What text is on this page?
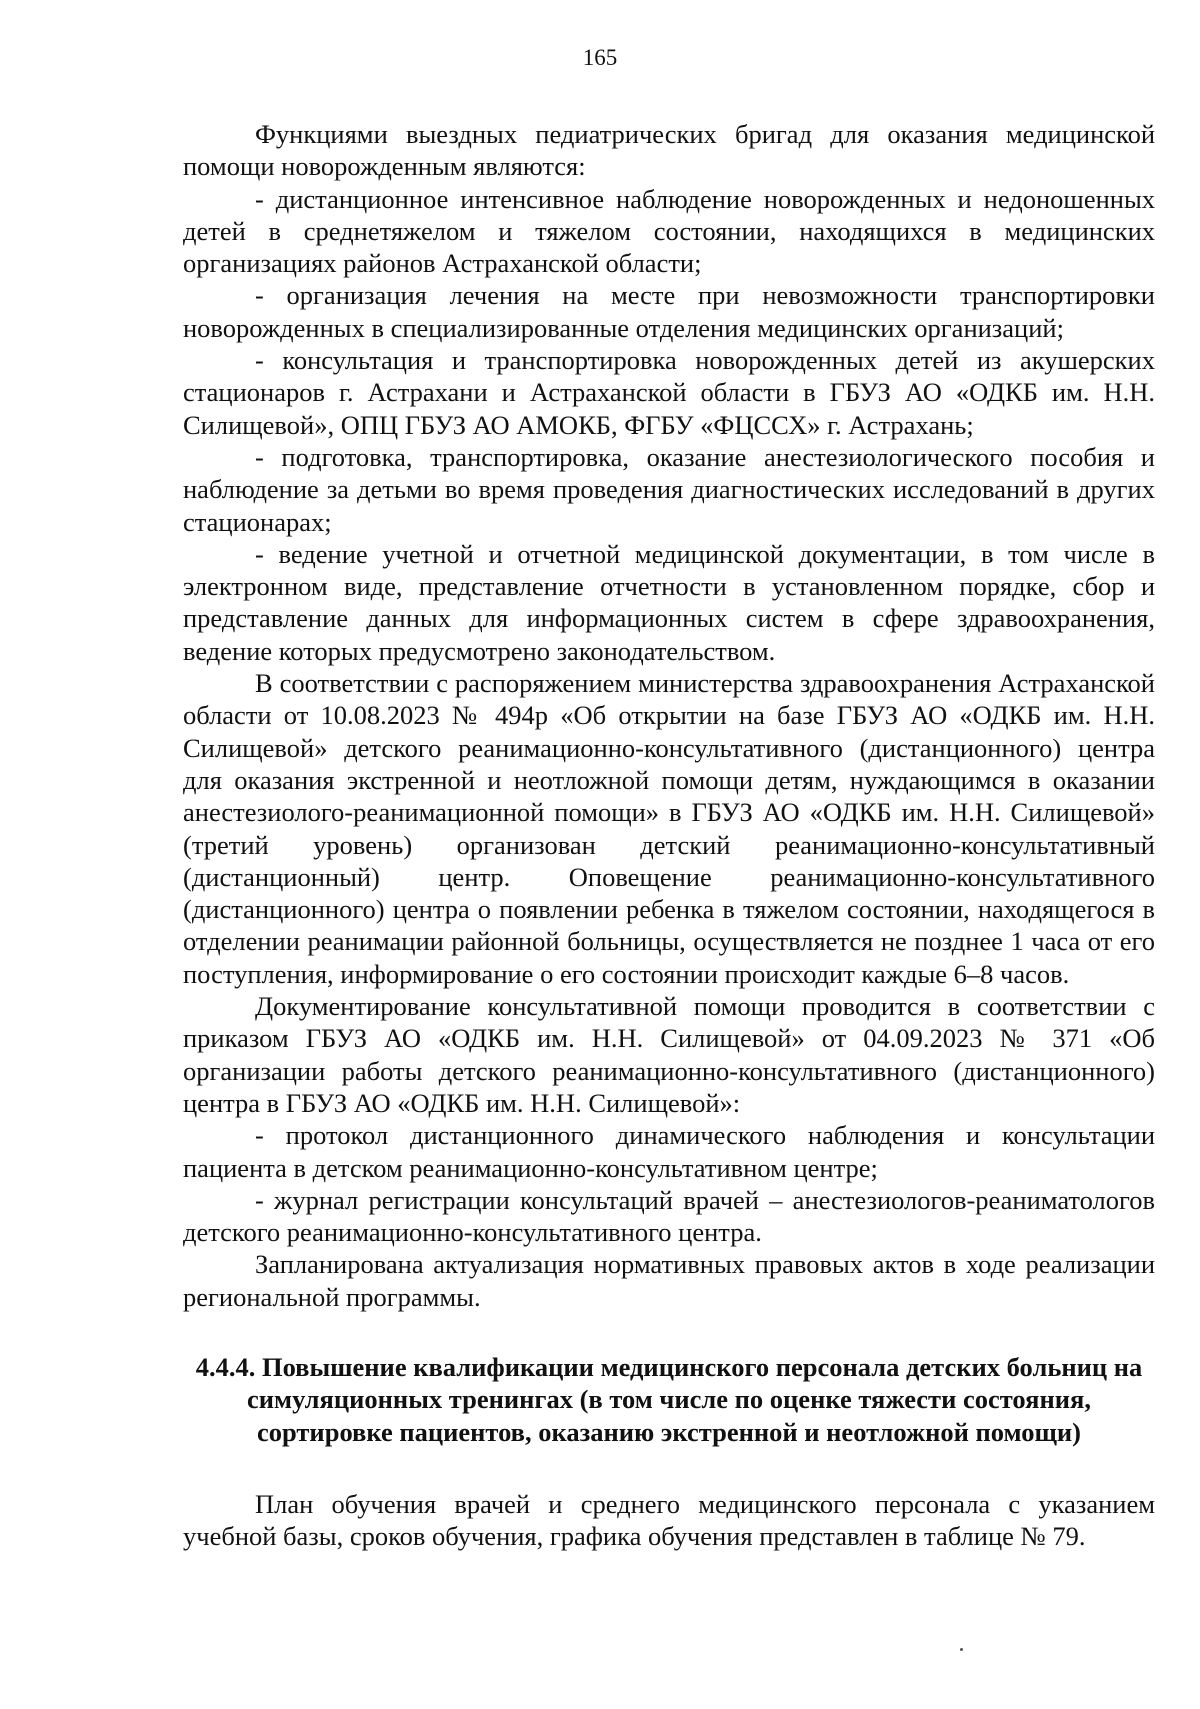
165

Функциями выездных педиатрических бригад для оказания медицинской помощи новорожденным являются:

- дистанционное интенсивное наблюдение новорожденных и недоношенных детей в среднетяжелом и тяжелом состоянии, находящихся в медицинских организациях районов Астраханской области;

- организация лечения на месте при невозможности транспортировки новорожденных в специализированные отделения медицинских организаций;

- консультация и транспортировка новорожденных детей из акушерских стационаров г. Астрахани и Астраханской области в ГБУЗ АО «ОДКБ им. Н.Н. Силищевой», ОПЦ ГБУЗ АО АМОКБ, ФГБУ «ФЦССХ» г. Астрахань;

- подготовка, транспортировка, оказание анестезиологического пособия и наблюдение за детьми во время проведения диагностических исследований в других стационарах;

- ведение учетной и отчетной медицинской документации, в том числе в электронном виде, представление отчетности в установленном порядке, сбор и представление данных для информационных систем в сфере здравоохранения, ведение которых предусмотрено законодательством.

В соответствии с распоряжением министерства здравоохранения Астраханской области от 10.08.2023 № 494р «Об открытии на базе ГБУЗ АО «ОДКБ им. Н.Н. Силищевой» детского реанимационно-консультативного (дистанционного) центра для оказания экстренной и неотложной помощи детям, нуждающимся в оказании анестезиолого-реанимационной помощи» в ГБУЗ АО «ОДКБ им. Н.Н. Силищевой» (третий уровень) организован детский реанимационно-консультативный (дистанционный) центр. Оповещение реанимационно-консультативного (дистанционного) центра о появлении ребенка в тяжелом состоянии, находящегося в отделении реанимации районной больницы, осуществляется не позднее 1 часа от его поступления, информирование о его состоянии происходит каждые 6–8 часов.

Документирование консультативной помощи проводится в соответствии с приказом ГБУЗ АО «ОДКБ им. Н.Н. Силищевой» от 04.09.2023 № 371 «Об организации работы детского реанимационно-консультативного (дистанционного) центра в ГБУЗ АО «ОДКБ им. Н.Н. Силищевой»:

- протокол дистанционного динамического наблюдения и консультации пациента в детском реанимационно-консультативном центре;

- журнал регистрации консультаций врачей – анестезиологов-реаниматологов детского реанимационно-консультативного центра.

Запланирована актуализация нормативных правовых актов в ходе реализации региональной программы.

4.4.4. Повышение квалификации медицинского персонала детских больниц на симуляционных тренингах (в том числе по оценке тяжести состояния, сортировке пациентов, оказанию экстренной и неотложной помощи)

План обучения врачей и среднего медицинского персонала с указанием учебной базы, сроков обучения, графика обучения представлен в таблице № 79.
